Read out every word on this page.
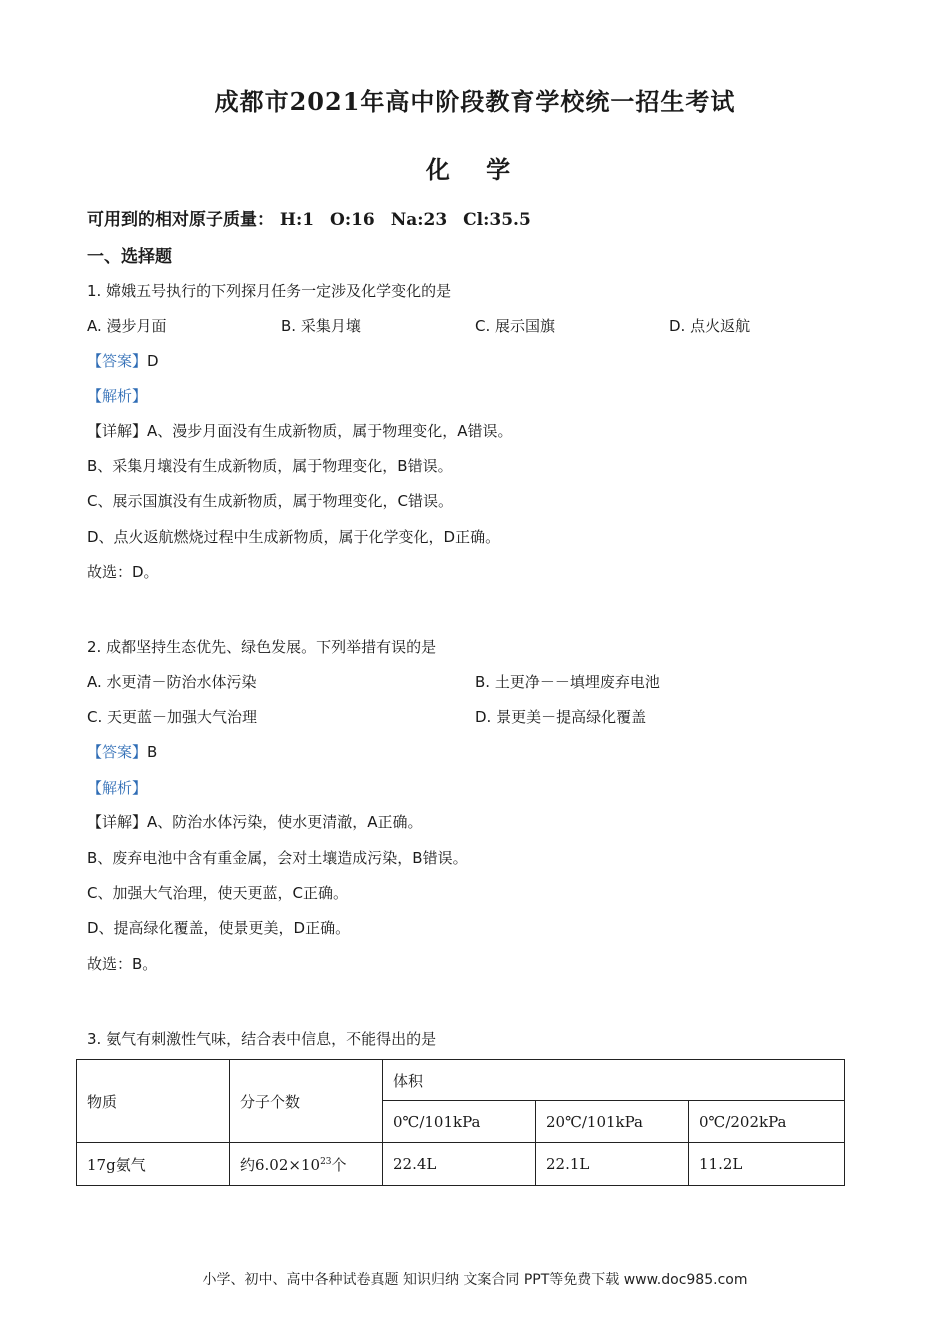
成都市2021年高中阶段教育学校统一招生考试
化 学
可用到的相对原子质量： H:1 O:16 Na:23 Cl:35.5
一、选择题
1. 嫦娥五号执行的下列探月任务一定涉及化学变化的是
A. 漫步月面	B. 采集月壤	C. 展示国旗	D. 点火返航
【答案】D
【解析】
【详解】A、漫步月面没有生成新物质，属于物理变化，A错误。
B、采集月壤没有生成新物质，属于物理变化，B错误。
C、展示国旗没有生成新物质，属于物理变化，C错误。
D、点火返航燃烧过程中生成新物质，属于化学变化，D正确。
故选：D。
2. 成都坚持生态优先、绿色发展。下列举措有误的是
A. 水更清－防治水体污染	B. 土更净－－填埋废弃电池
C. 天更蓝－加强大气治理	D. 景更美－提高绿化覆盖
【答案】B
【解析】
【详解】A、防治水体污染，使水更清澈，A正确。
B、废弃电池中含有重金属，会对土壤造成污染，B错误。
C、加强大气治理，使天更蓝，C正确。
D、提高绿化覆盖，使景更美，D正确。
故选：B。
3. 氨气有刺激性气味，结合表中信息，不能得出的是
物质	分子个数	体积		
		0℃/101kPa	20℃/101kPa	0℃/202kPa
17g氨气	约$6.02\times 10^{23}$个	22.4L	22.1L	11.2L
小学、初中、高中各种试卷真题 知识归纳 文案合同 PPT等免费下载 www.doc985.com
